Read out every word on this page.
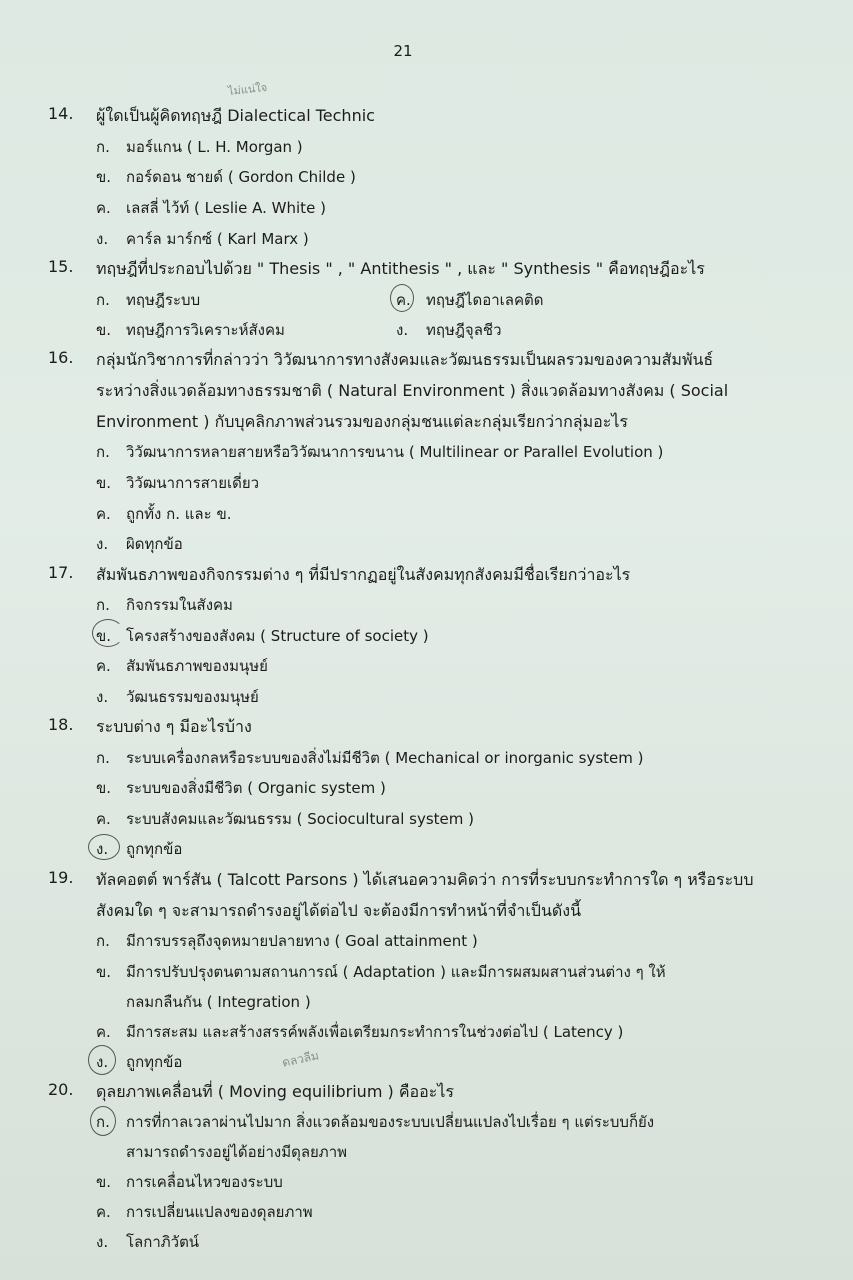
21
ไม่แน่ใจ
14. ผู้ใดเป็นผู้คิดทฤษฎี Dialectical Technic
ก. มอร์แกน ( L. H. Morgan )
ข. กอร์ดอน ชายด์ ( Gordon Childe )
ค. เลสลี่ ไว้ท์ ( Leslie A. White )
ง. คาร์ล มาร์กซ์ ( Karl Marx )
15. ทฤษฎีที่ประกอบไปด้วย " Thesis " , " Antithesis " , และ " Synthesis " คือทฤษฎีอะไร
ก. ทฤษฎีระบบ	ค. ทฤษฎีไดอาเลคติด
ข. ทฤษฎีการวิเคราะห์สังคม	ง. ทฤษฎีจุลชีว
16. กลุ่มนักวิชาการที่กล่าวว่า วิวัฒนาการทางสังคมและวัฒนธรรมเป็นผลรวมของความสัมพันธ์
ระหว่างสิ่งแวดล้อมทางธรรมชาติ ( Natural Environment ) สิ่งแวดล้อมทางสังคม ( Social
Environment ) กับบุคลิกภาพส่วนรวมของกลุ่มชนแต่ละกลุ่มเรียกว่ากลุ่มอะไร
ก. วิวัฒนาการหลายสายหรือวิวัฒนาการขนาน ( Multilinear or Parallel Evolution )
ข. วิวัฒนาการสายเดี่ยว
ค. ถูกทั้ง ก. และ ข.
ง. ผิดทุกข้อ
17. สัมพันธภาพของกิจกรรมต่าง ๆ ที่มีปรากฏอยู่ในสังคมทุกสังคมมีชื่อเรียกว่าอะไร
ก. กิจกรรมในสังคม
ข. โครงสร้างของสังคม ( Structure of society )
ค. สัมพันธภาพของมนุษย์
ง. วัฒนธรรมของมนุษย์
18. ระบบต่าง ๆ มีอะไรบ้าง
ก. ระบบเครื่องกลหรือระบบของสิ่งไม่มีชีวิต ( Mechanical or inorganic system )
ข. ระบบของสิ่งมีชีวิต ( Organic system )
ค. ระบบสังคมและวัฒนธรรม ( Sociocultural system )
ง. ถูกทุกข้อ
19. ทัลคอตต์ พาร์สัน ( Talcott Parsons ) ได้เสนอความคิดว่า การที่ระบบกระทำการใด ๆ หรือระบบ
สังคมใด ๆ จะสามารถดำรงอยู่ได้ต่อไป จะต้องมีการทำหน้าที่จำเป็นดังนี้
ก. มีการบรรลุถึงจุดหมายปลายทาง ( Goal attainment )
ข. มีการปรับปรุงตนตามสถานการณ์ ( Adaptation ) และมีการผสมผสานส่วนต่าง ๆ ให้
กลมกลืนกัน ( Integration )
ค. มีการสะสม และสร้างสรรค์พลังเพื่อเตรียมกระทำการในช่วงต่อไป ( Latency )
ง. ถูกทุกข้อ	ดลวลีม
20. ดุลยภาพเคลื่อนที่ ( Moving equilibrium ) คืออะไร
ก. การที่กาลเวลาผ่านไปมาก สิ่งแวดล้อมของระบบเปลี่ยนแปลงไปเรื่อย ๆ แต่ระบบก็ยัง
สามารถดำรงอยู่ได้อย่างมีดุลยภาพ
ข. การเคลื่อนไหวของระบบ
ค. การเปลี่ยนแปลงของดุลยภาพ
ง. โลกาภิวัตน์
